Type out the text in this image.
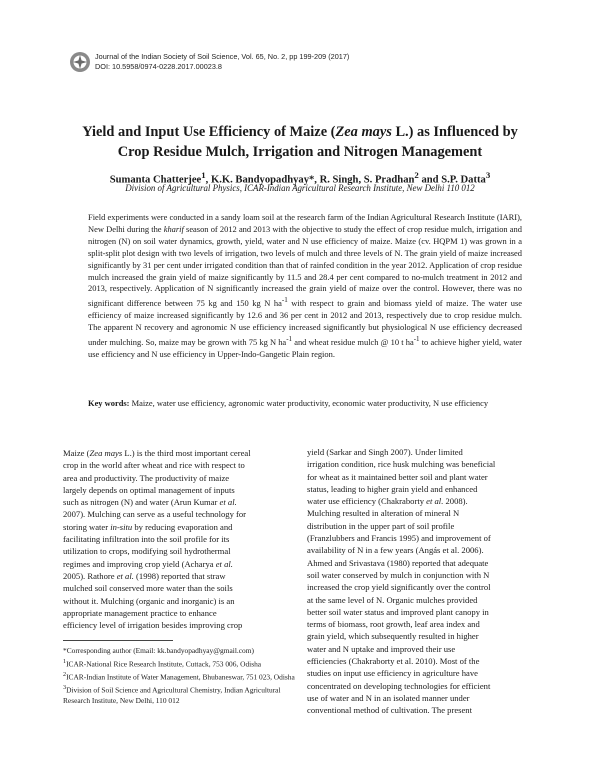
Journal of the Indian Society of Soil Science, Vol. 65, No. 2, pp 199-209 (2017)
DOI: 10.5958/0974-0228.2017.00023.8
Yield and Input Use Efficiency of Maize (Zea mays L.) as Influenced by
Crop Residue Mulch, Irrigation and Nitrogen Management
Sumanta Chatterjee$^1$, K.K. Bandyopadhyay*, R. Singh, S. Pradhan$^2$ and S.P. Datta$^3$
Division of Agricultural Physics, ICAR-Indian Agricultural Research Institute, New Delhi 110 012
Field experiments were conducted in a sandy loam soil at the research farm of the Indian Agricultural Research Institute (IARI), New Delhi during the kharif season of 2012 and 2013 with the objective to study the effect of crop residue mulch, irrigation and nitrogen (N) on soil water dynamics, growth, yield, water and N use efficiency of maize. Maize (cv. HQPM 1) was grown in a split-split plot design with two levels of irrigation, two levels of mulch and three levels of N. The grain yield of maize increased significantly by 31 per cent under irrigated condition than that of rainfed condition in the year 2012. Application of crop residue mulch increased the grain yield of maize significantly by 11.5 and 28.4 per cent compared to no-mulch treatment in 2012 and 2013, respectively. Application of N significantly increased the grain yield of maize over the control. However, there was no significant difference between 75 kg and 150 kg N $ha^{-1}$ with respect to grain and biomass yield of maize. The water use efficiency of maize increased significantly by 12.6 and 36 per cent in 2012 and 2013, respectively due to crop residue mulch. The apparent N recovery and agronomic N use efficiency increased significantly but physiological N use efficiency decreased under mulching. So, maize may be grown with 75 kg N $ha^{-1}$ and wheat residue mulch @ 10 t $ha^{-1}$ to achieve higher yield, water use efficiency and N use efficiency in Upper-Indo-Gangetic Plain region.
Key words: Maize, water use efficiency, agronomic water productivity, economic water productivity, N use efficiency
Maize (Zea mays L.) is the third most important cereal
crop in the world after wheat and rice with respect to
area and productivity. The productivity of maize
largely depends on optimal management of inputs
such as nitrogen (N) and water (Arun Kumar et al.
2007). Mulching can serve as a useful technology for
storing water in-situ by reducing evaporation and
facilitating infiltration into the soil profile for its
utilization to crops, modifying soil hydrothermal
regimes and improving crop yield (Acharya et al.
2005). Rathore et al. (1998) reported that straw
mulched soil conserved more water than the soils
without it. Mulching (organic and inorganic) is an
appropriate management practice to enhance
efficiency level of irrigation besides improving crop
yield (Sarkar and Singh 2007). Under limited
irrigation condition, rice husk mulching was beneficial
for wheat as it maintained better soil and plant water
status, leading to higher grain yield and enhanced
water use efficiency (Chakraborty et al. 2008).
Mulching resulted in alteration of mineral N
distribution in the upper part of soil profile
(Franzlubbers and Francis 1995) and improvement of
availability of N in a few years (Angás et al. 2006).
Ahmed and Srivastava (1980) reported that adequate
soil water conserved by mulch in conjunction with N
increased the crop yield significantly over the control
at the same level of N. Organic mulches provided
better soil water status and improved plant canopy in
terms of biomass, root growth, leaf area index and
grain yield, which subsequently resulted in higher
water and N uptake and improved their use
efficiencies (Chakraborty et al. 2010). Most of the
studies on input use efficiency in agriculture have
concentrated on developing technologies for efficient
use of water and N in an isolated manner under
conventional method of cultivation. The present

*Corresponding author (Email: kk.bandyopadhyay@gmail.com)

$^1$ICAR-National Rice Research Institute, Cuttack, 753 006, Odisha

$^2$ICAR-Indian Institute of Water Management, Bhubaneswar, 751 023, Odisha

$^3$Division of Soil Science and Agricultural Chemistry, Indian Agricultural Research Institute, New Delhi, 110 012
